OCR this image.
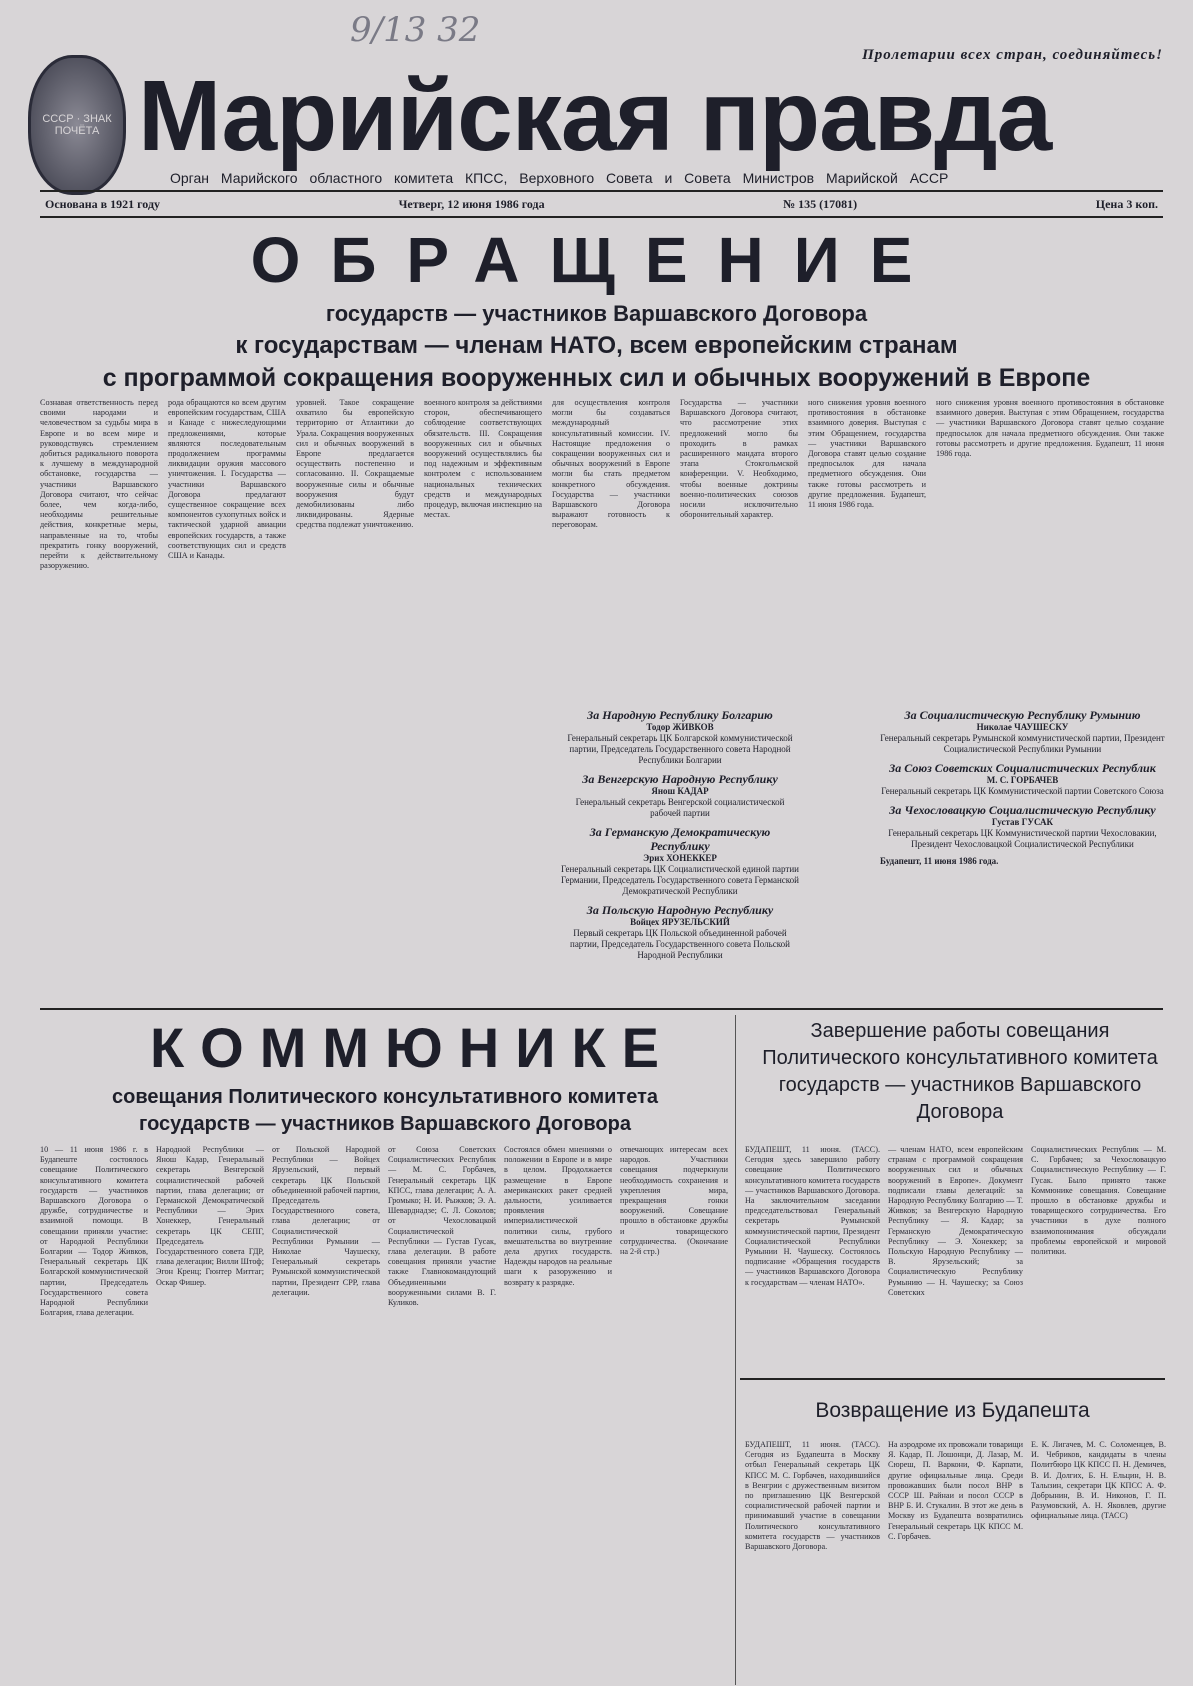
9/13 32
Пролетарии всех стран, соединяйтесь!
СССР · ЗНАК ПОЧЁТА Марийская правда
Орган Марийского областного комитета КПСС, Верховного Совета и Совета Министров Марийской АССР
Основана в 1921 году	Четверг, 12 июня 1986 года	№ 135 (17081)	Цена 3 коп.
ОБРАЩЕНИЕ
государств — участников Варшавского Договора
к государствам — членам НАТО, всем европейским странам
с программой сокращения вооруженных сил и обычных вооружений в Европе
Сознавая ответственность перед своими народами и человечеством за судьбы мира в Европе и во всем мире и руководствуясь стремлением добиться радикального поворота к лучшему в международной обстановке, государства — участники Варшавского Договора считают, что сейчас более, чем когда-либо, необходимы решительные действия, конкретные меры, направленные на то, чтобы прекратить гонку вооружений, перейти к действительному разоружению.
рода обращаются ко всем другим европейским государствам, США и Канаде с нижеследующими предложениями, которые являются последовательным продолжением программы ликвидации оружия массового уничтожения. I. Государства — участники Варшавского Договора предлагают существенное сокращение всех компонентов сухопутных войск и тактической ударной авиации европейских государств, а также соответствующих сил и средств США и Канады.
уровней. Такое сокращение охватило бы европейскую территорию от Атлантики до Урала. Сокращения вооруженных сил и обычных вооружений в Европе предлагается осуществить постепенно и согласованно. II. Сокращаемые вооруженные силы и обычные вооружения будут демобилизованы либо ликвидированы. Ядерные средства подлежат уничтожению.
военного контроля за действиями сторон, обеспечивающего соблюдение соответствующих обязательств. III. Сокращения вооруженных сил и обычных вооружений осуществлялись бы под надежным и эффективным контролем с использованием национальных технических средств и международных процедур, включая инспекцию на местах.
для осуществления контроля могли бы создаваться международный консультативный комиссии. IV. Настоящие предложения о сокращении вооруженных сил и обычных вооружений в Европе могли бы стать предметом конкретного обсуждения. Государства — участники Варшавского Договора выражают готовность к переговорам.
Государства — участники Варшавского Договора считают, что рассмотрение этих предложений могло бы проходить в рамках расширенного мандата второго этапа Стокгольмской конференции. V. Необходимо, чтобы военные доктрины военно-политических союзов носили исключительно оборонительный характер.
ного снижения уровня военного противостояния в обстановке взаимного доверия. Выступая с этим Обращением, государства — участники Варшавского Договора ставят целью создание предпосылок для начала предметного обсуждения. Они также готовы рассмотреть и другие предложения. Будапешт, 11 июня 1986 года.
ного снижения уровня военного противостояния в обстановке взаимного доверия. Выступая с этим Обращением, государства — участники Варшавского Договора ставят целью создание предпосылок для начала предметного обсуждения. Они также готовы рассмотреть и другие предложения. Будапешт, 11 июня 1986 года.
За Народную Республику Болгарию
Тодор ЖИВКОВ
Генеральный секретарь ЦК Болгарской коммунистической партии, Председатель Государственного совета Народной Республики Болгарии
За Венгерскую Народную Республику
Янош КАДАР
Генеральный секретарь Венгерской социалистической рабочей партии
За Германскую Демократическую Республику
Эрих ХОНЕККЕР
Генеральный секретарь ЦК Социалистической единой партии Германии, Председатель Государственного совета Германской Демократической Республики
За Польскую Народную Республику
Войцех ЯРУЗЕЛЬСКИЙ
Первый секретарь ЦК Польской объединенной рабочей партии, Председатель Государственного совета Польской Народной Республики
За Социалистическую Республику Румынию
Николае ЧАУШЕСКУ
Генеральный секретарь Румынской коммунистической партии, Президент Социалистической Республики Румынии
За Союз Советских Социалистических Республик
М. С. ГОРБАЧЕВ
Генеральный секретарь ЦК Коммунистической партии Советского Союза
За Чехословацкую Социалистическую Республику
Густав ГУСАК
Генеральный секретарь ЦК Коммунистической партии Чехословакии, Президент Чехословацкой Социалистической Республики
Будапешт, 11 июня 1986 года.
КОММЮНИКЕ
совещания Политического консультативного комитета
государств — участников Варшавского Договора
10 — 11 июня 1986 г. в Будапеште состоялось совещание Политического консультативного комитета государств — участников Варшавского Договора о дружбе, сотрудничестве и взаимной помощи. В совещании приняли участие: от Народной Республики Болгарии — Тодор Живков, Генеральный секретарь ЦК Болгарской коммунистической партии, Председатель Государственного совета Народной Республики Болгария, глава делегации.
Народной Республики — Янош Кадар, Генеральный секретарь Венгерской социалистической рабочей партии, глава делегации; от Германской Демократической Республики — Эрих Хонеккер, Генеральный секретарь ЦК СЕПГ, Председатель Государственного совета ГДР, глава делегации; Вилли Штоф; Эгон Кренц; Гюнтер Миттаг; Оскар Фишер.
от Польской Народной Республики — Войцех Ярузельский, первый секретарь ЦК Польской объединенной рабочей партии, Председатель Государственного совета, глава делегации; от Социалистической Республики Румынии — Николае Чаушеску, Генеральный секретарь Румынской коммунистической партии, Президент СРР, глава делегации.
от Союза Советских Социалистических Республик — М. С. Горбачев, Генеральный секретарь ЦК КПСС, глава делегации; А. А. Громыко; Н. И. Рыжков; Э. А. Шеварднадзе; С. Л. Соколов; от Чехословацкой Социалистической Республики — Густав Гусак, глава делегации. В работе совещания приняли участие также Главнокомандующий Объединенными вооруженными силами В. Г. Куликов.
Состоялся обмен мнениями о положении в Европе и в мире в целом. Продолжается размещение в Европе американских ракет средней дальности, усиливается проявления империалистической политики силы, грубого вмешательства во внутренние дела других государств. Надежды народов на реальные шаги к разоружению и возврату к разрядке.
отвечающих интересам всех народов. Участники совещания подчеркнули необходимость сохранения и укрепления мира, прекращения гонки вооружений. Совещание прошло в обстановке дружбы и товарищеского сотрудничества. (Окончание на 2-й стр.)
Завершение работы совещания Политического консультативного комитета государств — участников Варшавского Договора
БУДАПЕШТ, 11 июня. (ТАСС). Сегодня здесь завершило работу совещание Политического консультативного комитета государств — участников Варшавского Договора. На заключительном заседании председательствовал Генеральный секретарь Румынской коммунистической партии, Президент Социалистической Республики Румынии Н. Чаушеску. Состоялось подписание «Обращения государств — участников Варшавского Договора к государствам — членам НАТО».
— членам НАТО, всем европейским странам с программой сокращения вооруженных сил и обычных вооружений в Европе». Документ подписали главы делегаций: за Народную Республику Болгарию — Т. Живков; за Венгерскую Народную Республику — Я. Кадар; за Германскую Демократическую Республику — Э. Хонеккер; за Польскую Народную Республику — В. Ярузельский; за Социалистическую Республику Румынию — Н. Чаушеску; за Союз Советских
Социалистических Республик — М. С. Горбачев; за Чехословацкую Социалистическую Республику — Г. Гусак. Было принято также Коммюнике совещания. Совещание прошло в обстановке дружбы и товарищеского сотрудничества. Его участники в духе полного взаимопонимания обсуждали проблемы европейской и мировой политики.
Возвращение из Будапешта
БУДАПЕШТ, 11 июня. (ТАСС). Сегодня из Будапешта в Москву отбыл Генеральный секретарь ЦК КПСС М. С. Горбачев, находившийся в Венгрии с дружественным визитом по приглашению ЦК Венгерской социалистической рабочей партии и принимавший участие в совещании Политического консультативного комитета государств — участников Варшавского Договора.
На аэродроме их провожали товарищи Я. Кадар, П. Лошонци, Д. Лазар, М. Сюреш, П. Варкони, Ф. Карпати, другие официальные лица. Среди провожавших были посол ВНР в СССР Ш. Райнаи и посол СССР в ВНР Б. И. Стукалин. В этот же день в Москву из Будапешта возвратились Генеральный секретарь ЦК КПСС М. С. Горбачев.
Е. К. Лигачев, М. С. Соломенцев, В. И. Чебриков, кандидаты в члены Политбюро ЦК КПСС П. Н. Демичев, В. И. Долгих, Б. Н. Ельцин, Н. В. Талызин, секретари ЦК КПСС А. Ф. Добрынин, В. И. Никонов, Г. П. Разумовский, А. Н. Яковлев, другие официальные лица. (ТАСС)
